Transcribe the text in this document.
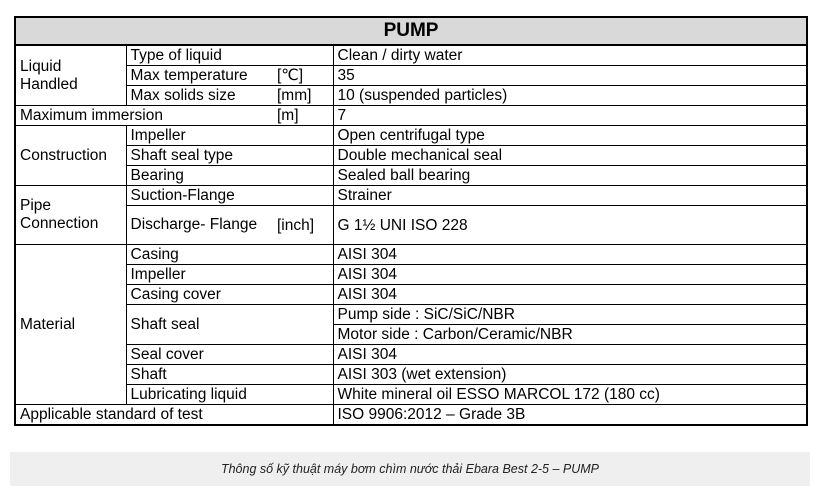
PUMP			
Liquid Handled	Type of liquid		Clean / dirty water
	Max temperature	[℃]	35
	Max solids size	[mm]	10 (suspended particles)
Maximum immersion		[m]	7
Construction	Impeller		Open centrifugal type
	Shaft seal type		Double mechanical seal
	Bearing		Sealed ball bearing
Pipe Connection	Suction-Flange		Strainer
	Discharge- Flange	[inch]	G 1½ UNI ISO 228
Material	Casing		AISI 304
	Impeller		AISI 304
	Casing cover		AISI 304
	Shaft seal		Pump side : SiC/SiC/NBR
			Motor side : Carbon/Ceramic/NBR
	Seal cover		AISI 304
	Shaft		AISI 303 (wet extension)
	Lubricating liquid		White mineral oil ESSO MARCOL 172 (180 cc)
Applicable standard of test			ISO 9906:2012 – Grade 3B
Thông số kỹ thuật máy bơm chìm nước thải Ebara Best 2-5 – PUMP
